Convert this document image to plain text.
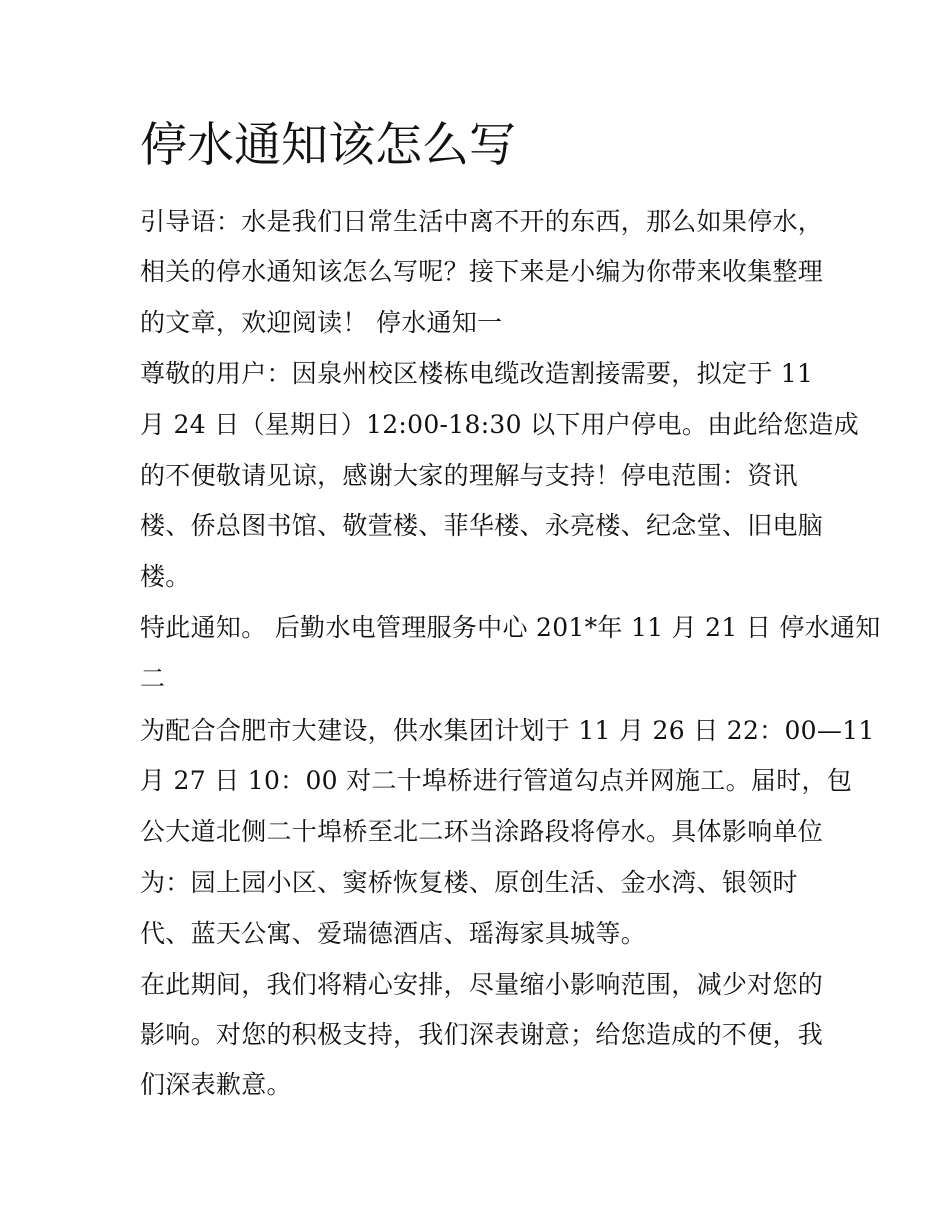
停水通知该怎么写
引导语：水是我们日常生活中离不开的东西，那么如果停水，
相关的停水通知该怎么写呢？接下来是小编为你带来收集整理
的文章，欢迎阅读！ 停水通知一
尊敬的用户：因泉州校区楼栋电缆改造割接需要，拟定于 11
月 24 日（星期日）12:00-18:30 以下用户停电。由此给您造成
的不便敬请见谅，感谢大家的理解与支持！停电范围：资讯
楼、侨总图书馆、敬萱楼、菲华楼、永亮楼、纪念堂、旧电脑
楼。
特此通知。 后勤水电管理服务中心 201*年 11 月 21 日 停水通知
二
为配合合肥市大建设，供水集团计划于 11 月 26 日 22：00—11
月 27 日 10：00 对二十埠桥进行管道勾点并网施工。届时，包
公大道北侧二十埠桥至北二环当涂路段将停水。具体影响单位
为：园上园小区、窦桥恢复楼、原创生活、金水湾、银领时
代、蓝天公寓、爱瑞德酒店、瑶海家具城等。
在此期间，我们将精心安排，尽量缩小影响范围，减少对您的
影响。对您的积极支持，我们深表谢意；给您造成的不便，我
们深表歉意。
